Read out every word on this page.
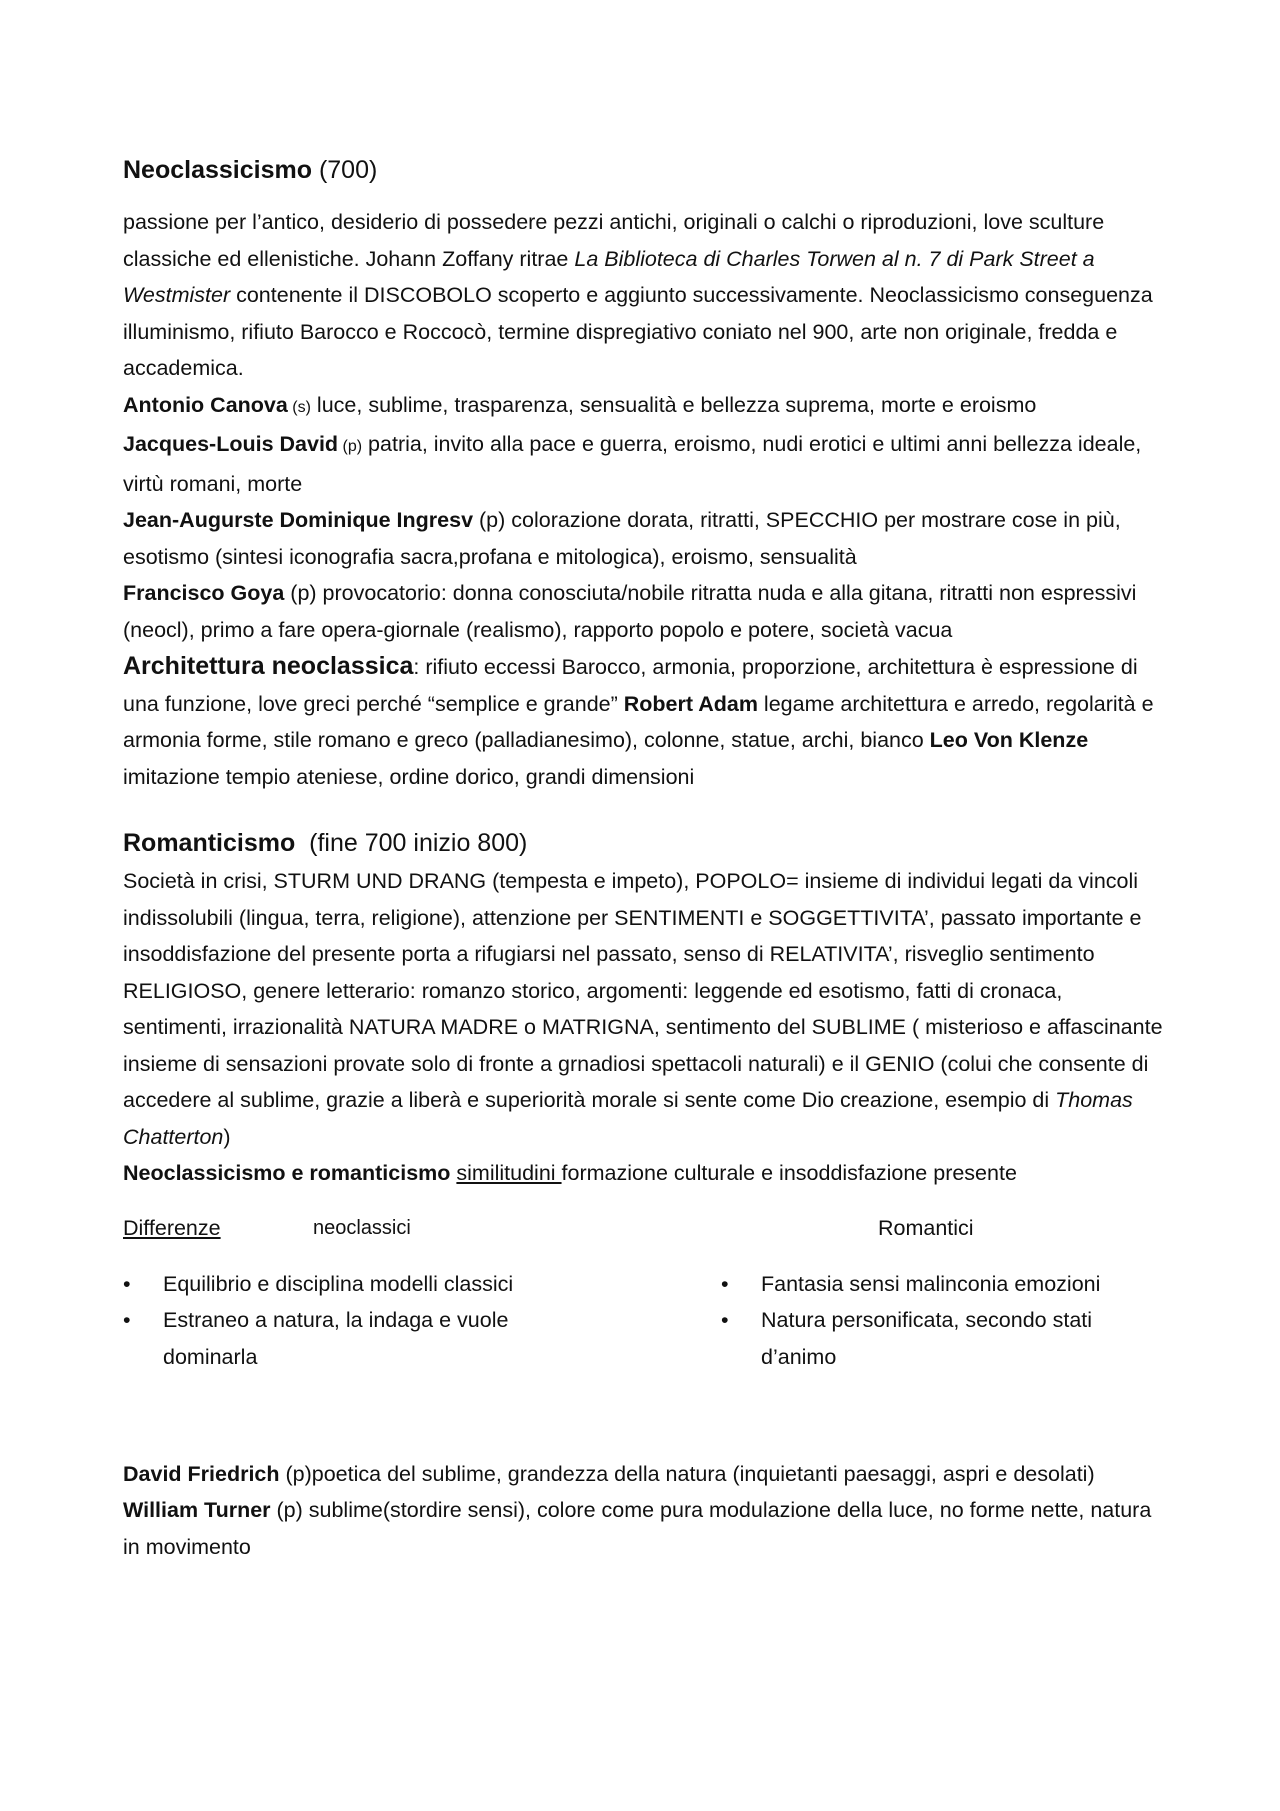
Neoclassicismo (700)

passione per l’antico, desiderio di possedere pezzi antichi, originali o calchi o riproduzioni, love sculture classiche ed ellenistiche. Johann Zoffany ritrae La Biblioteca di Charles Torwen al n. 7 di Park Street a Westmister contenente il DISCOBOLO scoperto e aggiunto successivamente. Neoclassicismo conseguenza illuminismo, rifiuto Barocco e Roccocò, termine dispregiativo coniato nel 900, arte non originale, fredda e accademica.

Antonio Canova (s) luce, sublime, trasparenza, sensualità e bellezza suprema, morte e eroismo

Jacques-Louis David (p) patria, invito alla pace e guerra, eroismo, nudi erotici e ultimi anni bellezza ideale, virtù romani, morte

Jean-Augurste Dominique Ingresv (p) colorazione dorata, ritratti, SPECCHIO per mostrare cose in più, esotismo (sintesi iconografia sacra,profana e mitologica), eroismo, sensualità

Francisco Goya (p) provocatorio: donna conosciuta/nobile ritratta nuda e alla gitana, ritratti non espressivi (neocl), primo a fare opera-giornale (realismo), rapporto popolo e potere, società vacua

Architettura neoclassica: rifiuto eccessi Barocco, armonia, proporzione, architettura è espressione di una funzione, love greci perché “semplice e grande” Robert Adam legame architettura e arredo, regolarità e armonia forme, stile romano e greco (palladianesimo), colonne, statue, archi, bianco Leo Von Klenze imitazione tempio ateniese, ordine dorico, grandi dimensioni

Romanticismo  (fine 700 inizio 800)

Società in crisi, STURM UND DRANG (tempesta e impeto), POPOLO= insieme di individui legati da vincoli indissolubili (lingua, terra, religione), attenzione per SENTIMENTI e SOGGETTIVITA’, passato importante e insoddisfazione del presente porta a rifugiarsi nel passato, senso di RELATIVITA’, risveglio sentimento RELIGIOSO, genere letterario: romanzo storico, argomenti: leggende ed esotismo, fatti di cronaca, sentimenti, irrazionalità NATURA MADRE o MATRIGNA, sentimento del SUBLIME ( misterioso e affascinante insieme di sensazioni provate solo di fronte a grnadiosi spettacoli naturali) e il GENIO (colui che consente di accedere al sublime, grazie a liberà e superiorità morale si sente come Dio creazione, esempio di Thomas Chatterton)

Neoclassicismo e romanticismo similitudini formazione culturale e insoddisfazione presente

Differenze	neoclassici	Romantici

• Equilibrio e disciplina modelli classici

• Estraneo a natura, la indaga e vuole dominarla

• Fantasia sensi malinconia emozioni

• Natura personificata, secondo stati d’animo

David Friedrich (p)poetica del sublime, grandezza della natura (inquietanti paesaggi, aspri e desolati)

William Turner (p) sublime(stordire sensi), colore come pura modulazione della luce, no forme nette, natura in movimento
